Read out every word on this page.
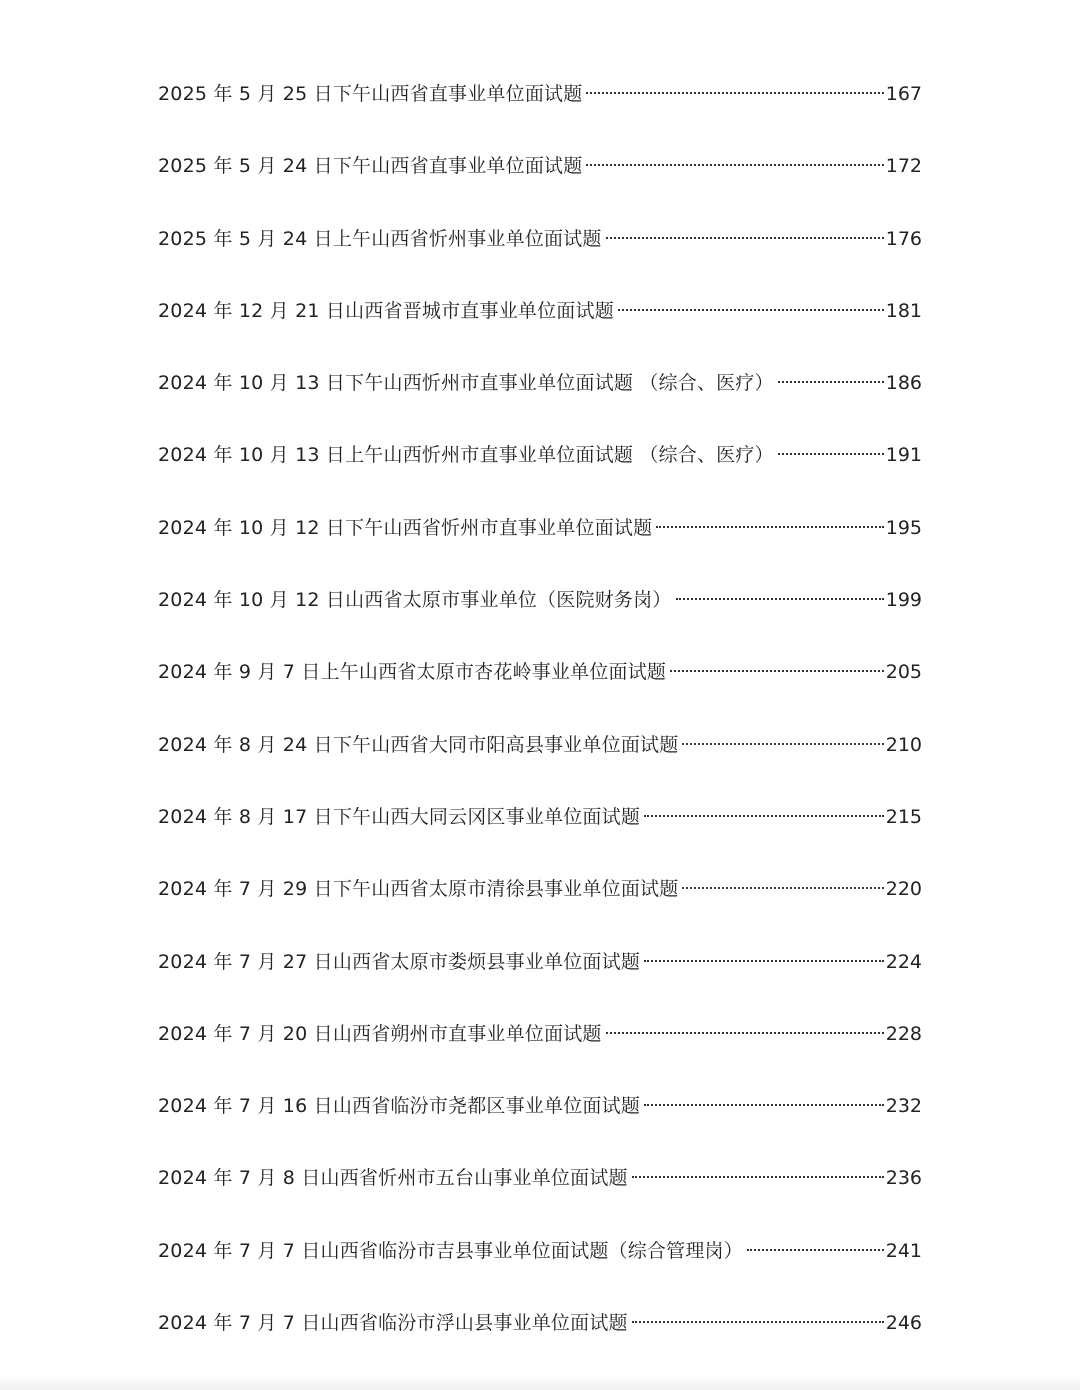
2025 年 5 月 25 日下午山西省直事业单位面试题	167
2025 年 5 月 24 日下午山西省直事业单位面试题	172
2025 年 5 月 24 日上午山西省忻州事业单位面试题	176
2024 年 12 月 21 日山西省晋城市直事业单位面试题	181
2024 年 10 月 13 日下午山西忻州市直事业单位面试题 （综合、医疗）	186
2024 年 10 月 13 日上午山西忻州市直事业单位面试题 （综合、医疗）	191
2024 年 10 月 12 日下午山西省忻州市直事业单位面试题	195
2024 年 10 月 12 日山西省太原市事业单位（医院财务岗）	199
2024 年 9 月 7 日上午山西省太原市杏花岭事业单位面试题	205
2024 年 8 月 24 日下午山西省大同市阳高县事业单位面试题	210
2024 年 8 月 17 日下午山西大同云冈区事业单位面试题	215
2024 年 7 月 29 日下午山西省太原市清徐县事业单位面试题	220
2024 年 7 月 27 日山西省太原市娄烦县事业单位面试题	224
2024 年 7 月 20 日山西省朔州市直事业单位面试题	228
2024 年 7 月 16 日山西省临汾市尧都区事业单位面试题	232
2024 年 7 月 8 日山西省忻州市五台山事业单位面试题	236
2024 年 7 月 7 日山西省临汾市吉县事业单位面试题（综合管理岗）	241
2024 年 7 月 7 日山西省临汾市浮山县事业单位面试题	246
